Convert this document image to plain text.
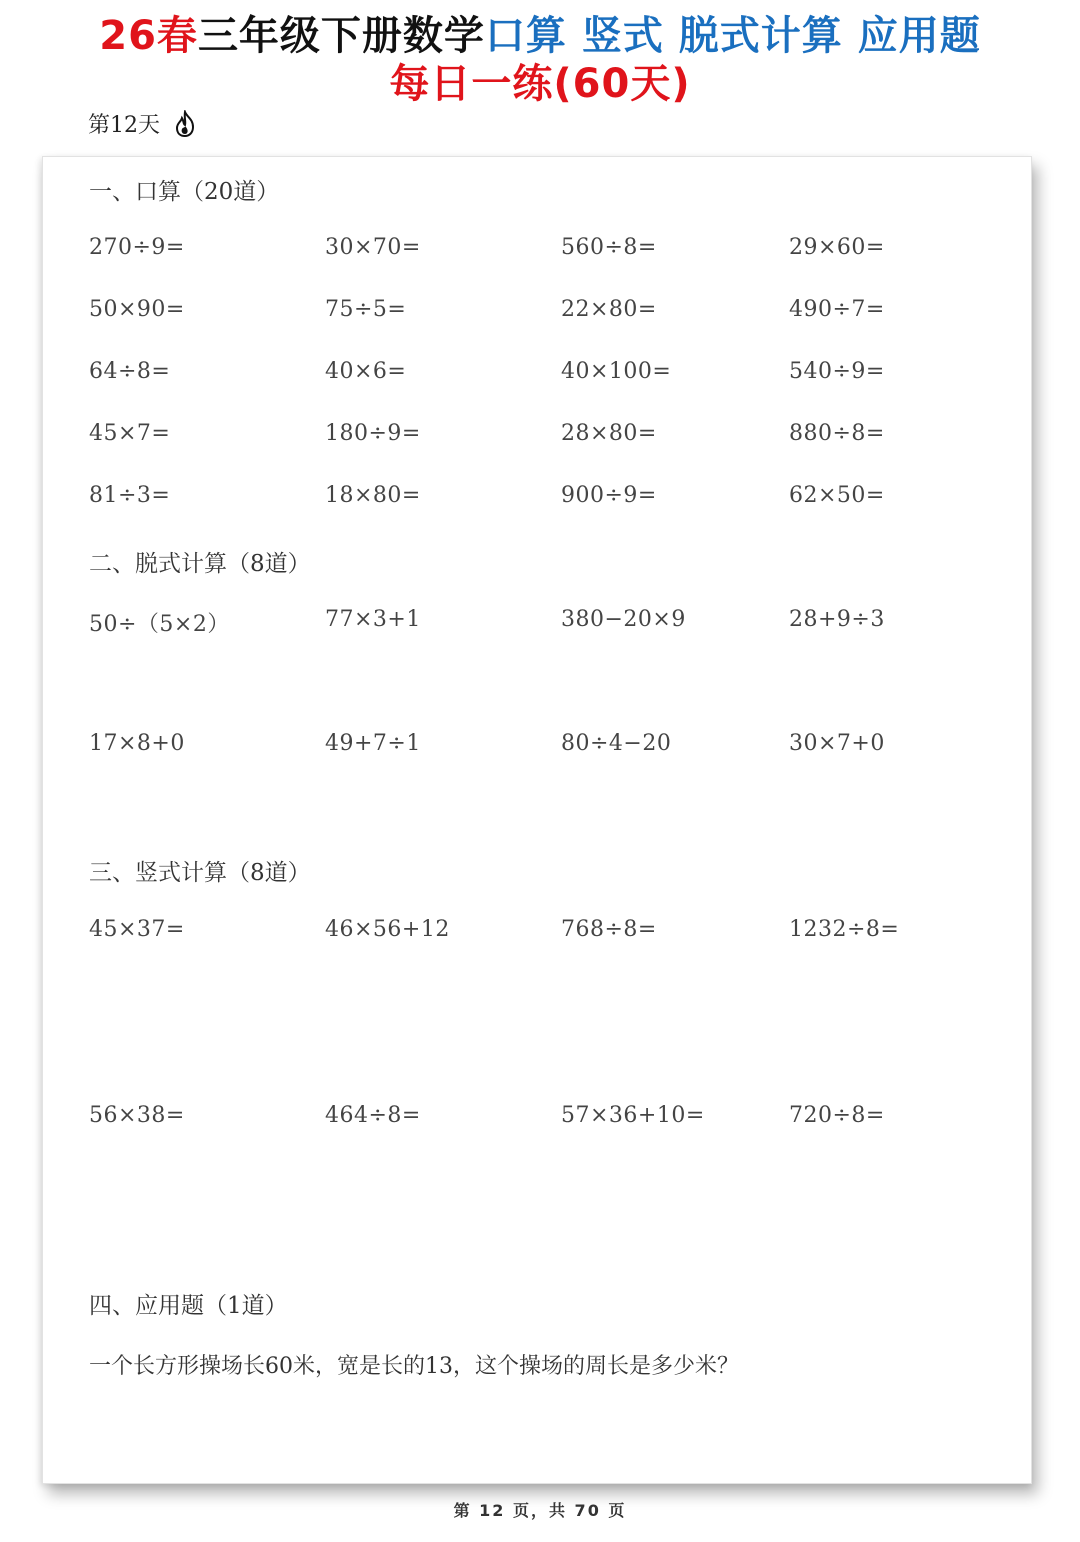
26春三年级下册数学口算 竖式 脱式计算 应用题
每日一练(60天)
第12天
一、口算（20道）
270÷9=	30×70=	560÷8=	29×60=
50×90=	75÷5=	22×80=	490÷7=
64÷8=	40×6=	40×100=	540÷9=
45×7=	180÷9=	28×80=	880÷8=
81÷3=	18×80=	900÷9=	62×50=
二、脱式计算（8道）
50÷（5×2）	77×3+1	380−20×9	28+9÷3
17×8+0	49+7÷1	80÷4−20	30×7+0
三、竖式计算（8道）
45×37=	46×56+12	768÷8=	1232÷8=
56×38=	464÷8=	57×36+10=	720÷8=
四、应用题（1道）
一个长方形操场长60米，宽是长的13，这个操场的周长是多少米？
第 12 页，共 70 页
